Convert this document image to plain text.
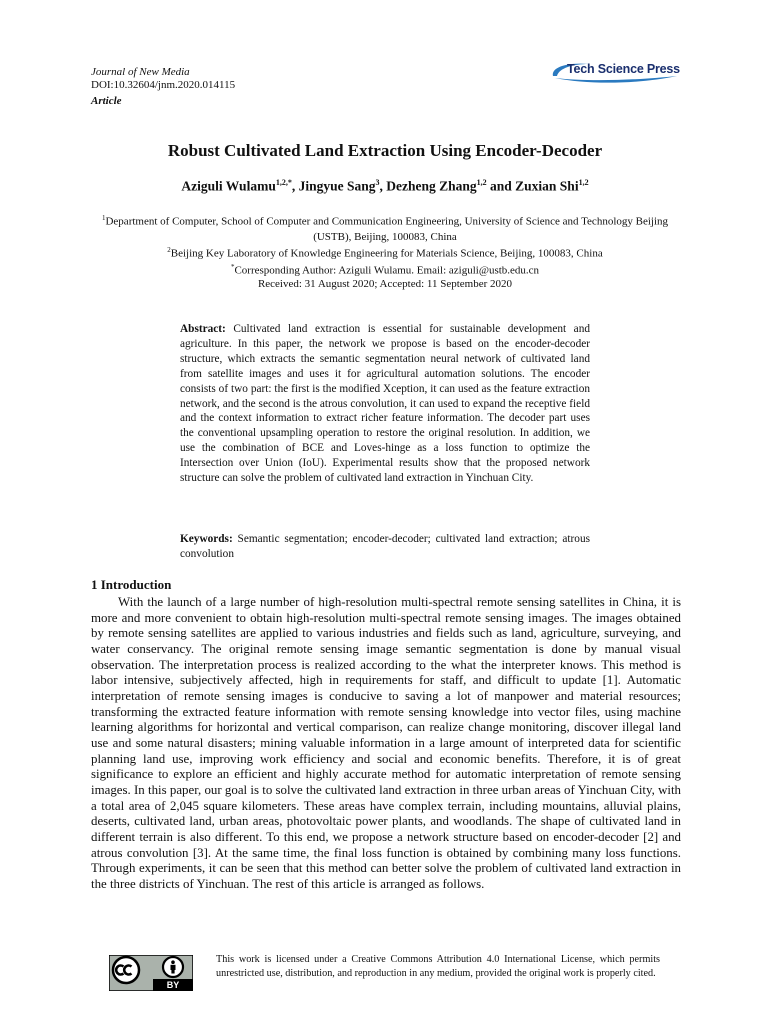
Journal of New Media
DOI:10.32604/jnm.2020.014115
Article
Tech Science Press
Robust Cultivated Land Extraction Using Encoder-Decoder
Aziguli Wulamu$^{1,2,*}$, Jingyue Sang$^3$, Dezheng Zhang$^{1,2}$ and Zuxian Shi$^{1,2}$
$^1$Department of Computer, School of Computer and Communication Engineering, University of Science and Technology Beijing (USTB), Beijing, 100083, China
$^2$Beijing Key Laboratory of Knowledge Engineering for Materials Science, Beijing, 100083, China
*Corresponding Author: Aziguli Wulamu. Email: aziguli@ustb.edu.cn
Received: 31 August 2020; Accepted: 11 September 2020
Abstract: Cultivated land extraction is essential for sustainable development and agriculture. In this paper, the network we propose is based on the encoder-decoder structure, which extracts the semantic segmentation neural network of cultivated land from satellite images and uses it for agricultural automation solutions. The encoder consists of two part: the first is the modified Xception, it can used as the feature extraction network, and the second is the atrous convolution, it can used to expand the receptive field and the context information to extract richer feature information. The decoder part uses the conventional upsampling operation to restore the original resolution. In addition, we use the combination of BCE and Loves-hinge as a loss function to optimize the Intersection over Union (IoU). Experimental results show that the proposed network structure can solve the problem of cultivated land extraction in Yinchuan City.
Keywords: Semantic segmentation; encoder-decoder; cultivated land extraction; atrous convolution
1 Introduction
With the launch of a large number of high-resolution multi-spectral remote sensing satellites in China, it is more and more convenient to obtain high-resolution multi-spectral remote sensing images. The images obtained by remote sensing satellites are applied to various industries and fields such as land, agriculture, surveying, and water conservancy. The original remote sensing image semantic segmentation is done by manual visual observation. The interpretation process is realized according to the what the interpreter knows. This method is labor intensive, subjectively affected, high in requirements for staff, and difficult to update [1]. Automatic interpretation of remote sensing images is conducive to saving a lot of manpower and material resources; transforming the extracted feature information with remote sensing knowledge into vector files, using machine learning algorithms for horizontal and vertical comparison, can realize change monitoring, discover illegal land use and some natural disasters; mining valuable information in a large amount of interpreted data for scientific planning land use, improving work efficiency and social and economic benefits. Therefore, it is of great significance to explore an efficient and highly accurate method for automatic interpretation of remote sensing images. In this paper, our goal is to solve the cultivated land extraction in three urban areas of Yinchuan City, with a total area of 2,045 square kilometers. These areas have complex terrain, including mountains, alluvial plains, deserts, cultivated land, urban areas, photovoltaic power plants, and woodlands. The shape of cultivated land in different terrain is also different. To this end, we propose a network structure based on encoder-decoder [2] and atrous convolution [3]. At the same time, the final loss function is obtained by combining many loss functions. Through experiments, it can be seen that this method can better solve the problem of cultivated land extraction in the three districts of Yinchuan. The rest of this article is arranged as follows.
BY
This work is licensed under a Creative Commons Attribution 4.0 International License, which permits unrestricted use, distribution, and reproduction in any medium, provided the original work is properly cited.
